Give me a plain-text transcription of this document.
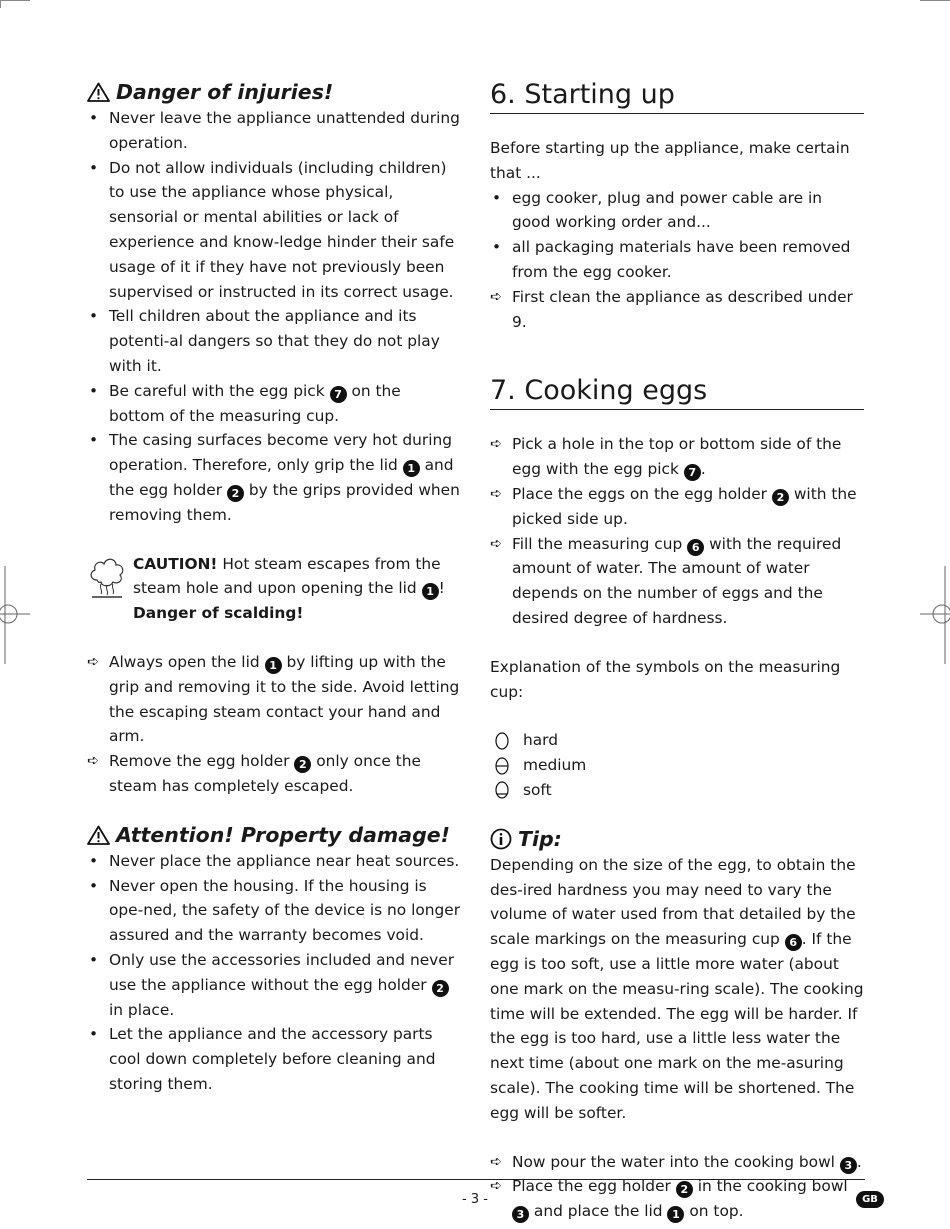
Danger of injuries!
• Never leave the appliance unattended during operation.
• Do not allow individuals (including children) to use the appliance whose physical, sensorial or mental abilities or lack of experience and know-ledge hinder their safe usage of it if they have not previously been supervised or instructed in its correct usage.
• Tell children about the appliance and its potenti-al dangers so that they do not play with it.
• Be careful with the egg pick 7 on the bottom of the measuring cup.
• The casing surfaces become very hot during operation. Therefore, only grip the lid 1 and the egg holder 2 by the grips provided when removing them.
CAUTION! Hot steam escapes from the steam hole and upon opening the lid 1 !
Danger of scalding!
➪ Always open the lid 1 by lifting up with the grip and removing it to the side. Avoid letting the escaping steam contact your hand and arm.
➪ Remove the egg holder 2 only once the steam has completely escaped.
Attention! Property damage!
• Never place the appliance near heat sources.
• Never open the housing. If the housing is ope-ned, the safety of the device is no longer assured and the warranty becomes void.
• Only use the accessories included and never use the appliance without the egg holder 2 in place.
• Let the appliance and the accessory parts cool down completely before cleaning and storing them.
6. Starting up
Before starting up the appliance, make certain that ...
• egg cooker, plug and power cable are in good working order and...
• all packaging materials have been removed from the egg cooker.
➪ First clean the appliance as described under 9.
7. Cooking eggs
➪ Pick a hole in the top or bottom side of the egg with the egg pick 7 .
➪ Place the eggs on the egg holder 2 with the picked side up.
➪ Fill the measuring cup 6 with the required amount of water. The amount of water depends on the number of eggs and the desired degree of hardness.
Explanation of the symbols on the measuring cup:
hard
medium
soft
Tip:
Depending on the size of the egg, to obtain the des-ired hardness you may need to vary the volume of water used from that detailed by the scale markings on the measuring cup 6 . If the egg is too soft, use a little more water (about one mark on the measu-ring scale). The cooking time will be extended. The egg will be harder. If the egg is too hard, use a little less water the next time (about one mark on the me-asuring scale). The cooking time will be shortened. The egg will be softer.
➪ Now pour the water into the cooking bowl 3 .
➪ Place the egg holder 2 in the cooking bowl 3 and place the lid 1 on top.
- 3 -	GB
